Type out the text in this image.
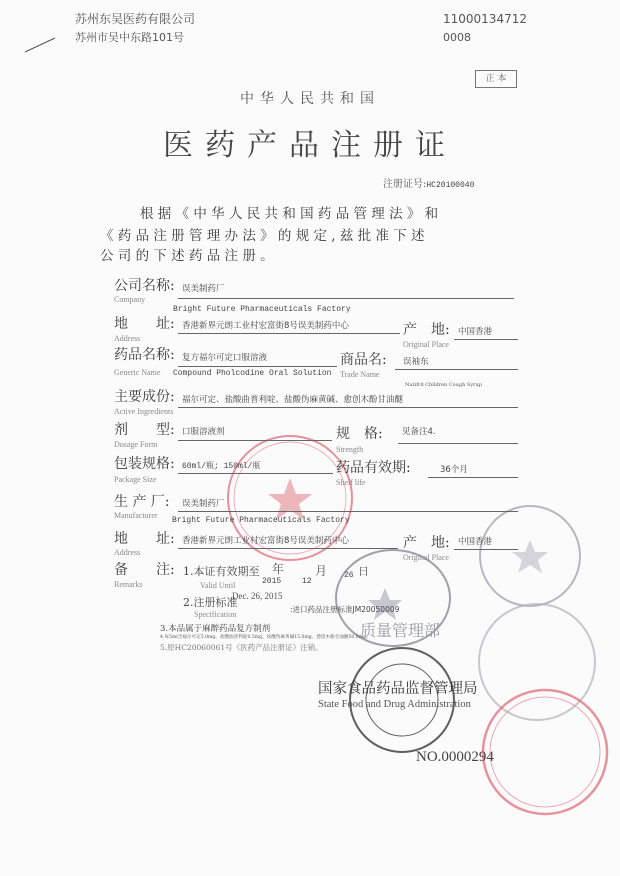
质量管理部
苏州东吴医药有限公司
苏州市吴中东路101号
11000134712
0008
正 本
中华人民共和国
医药产品注册证
注册证号:HC20100040
根 据 《 中 华 人 民 共 和 国 药 品 管 理 法 》 和
《 药 品 注 册 管 理 办 法 》 的 规 定 , 兹 批 准 下 述
公 司 的 下 述 药 品 注 册 。
公司名称: 误美制药厂
Company
Bright Future Pharmaceuticals Factory
地　　址: 香港新界元朗工业村宏富街8号误美制药中心
Address
产　地: 中国香港
Original Place
药品名称: 复方福尔可定口服溶液
Generic Name Compound Pholcodine Oral Solution
商品名: 误袖东
Trade Name
Nutifrd Children Cough Syrup
主要成份: 福尔可定、盐酸曲普利啶、盐酸伪麻黄碱、愈创木酚甘油醚
Active Ingredients
剂　　型: 口服溶液剂
Dosage Form
规　格: 见备注4.
Strength
包装规格: 60ml/瓶; 150ml/瓶
Package Size
药品有效期:	36个月
Shelf life
生 产 厂: 误美制药厂
Manufacturer
Bright Future Pharmaceuticals Factory
地　　址: 香港新界元朗工业村宏富街8号误美制药中心
Address
产　地: 中国香港
Original Place
备　　注:
Remarks
1.本证有效期至
Valid Until	2015
年
12
月 26 日
Dec. 26, 2015
2.注册标准
Specification
:进口药品注册标准JM20050009
3.本品属于麻醉药品复方制剂
4.每5ml含福尔可定5.0mg、盐酸曲普利啶0.5mg、盐酸伪麻黄碱15.0mg、愈创木酚甘油醚50.0mg。
5.原HC20060061号《医药产品注册证》注销。
国家食品药品监督管理局
State Food and Drug Administration
NO.0000294
